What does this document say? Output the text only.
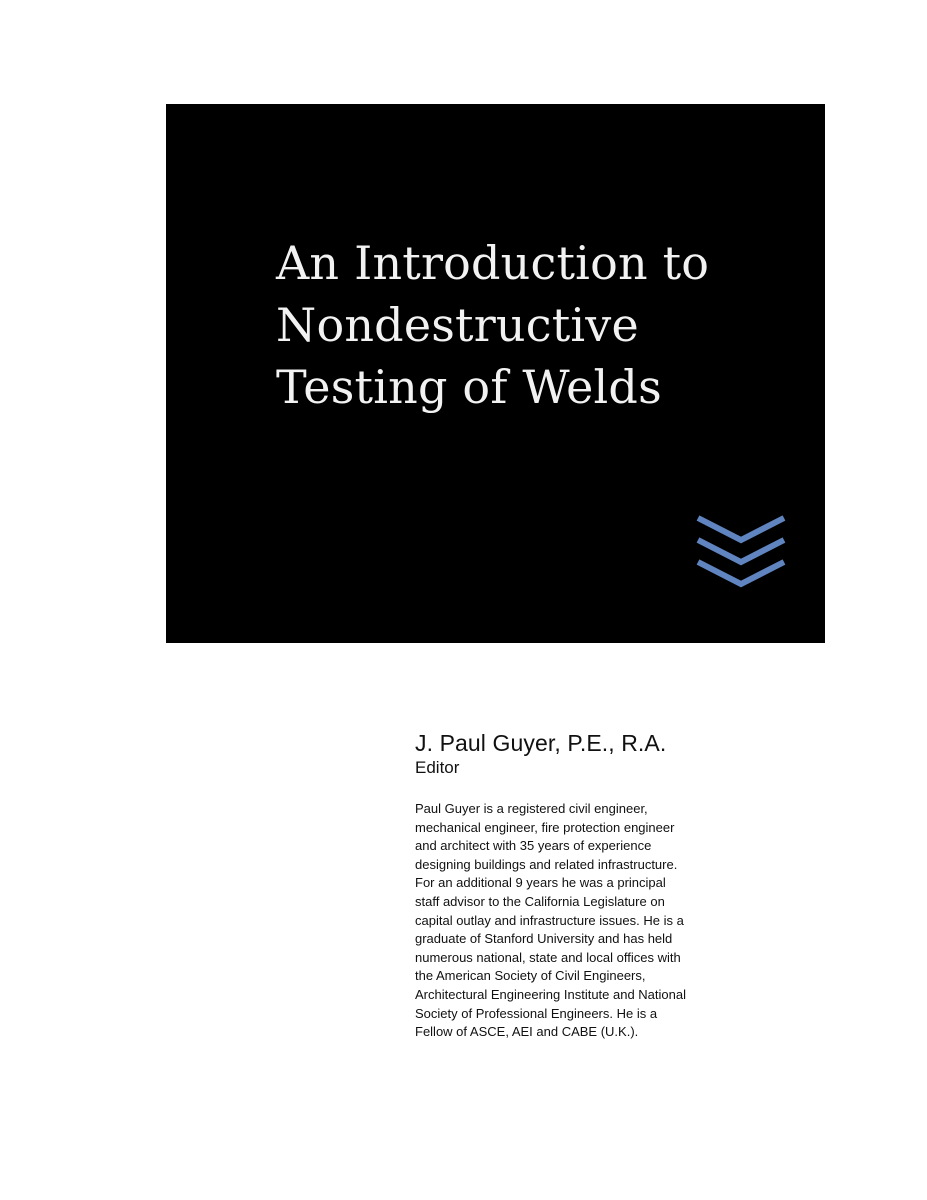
An Introduction to
Nondestructive
Testing of Welds

J. Paul Guyer, P.E., R.A.

Editor

Paul Guyer is a registered civil engineer,
mechanical engineer, fire protection engineer
and architect with 35 years of experience
designing buildings and related infrastructure.
For an additional 9 years he was a principal
staff advisor to the California Legislature on
capital outlay and infrastructure issues. He is a
graduate of Stanford University and has held
numerous national, state and local offices with
the American Society of Civil Engineers,
Architectural Engineering Institute and National
Society of Professional Engineers. He is a
Fellow of ASCE, AEI and CABE (U.K.).
